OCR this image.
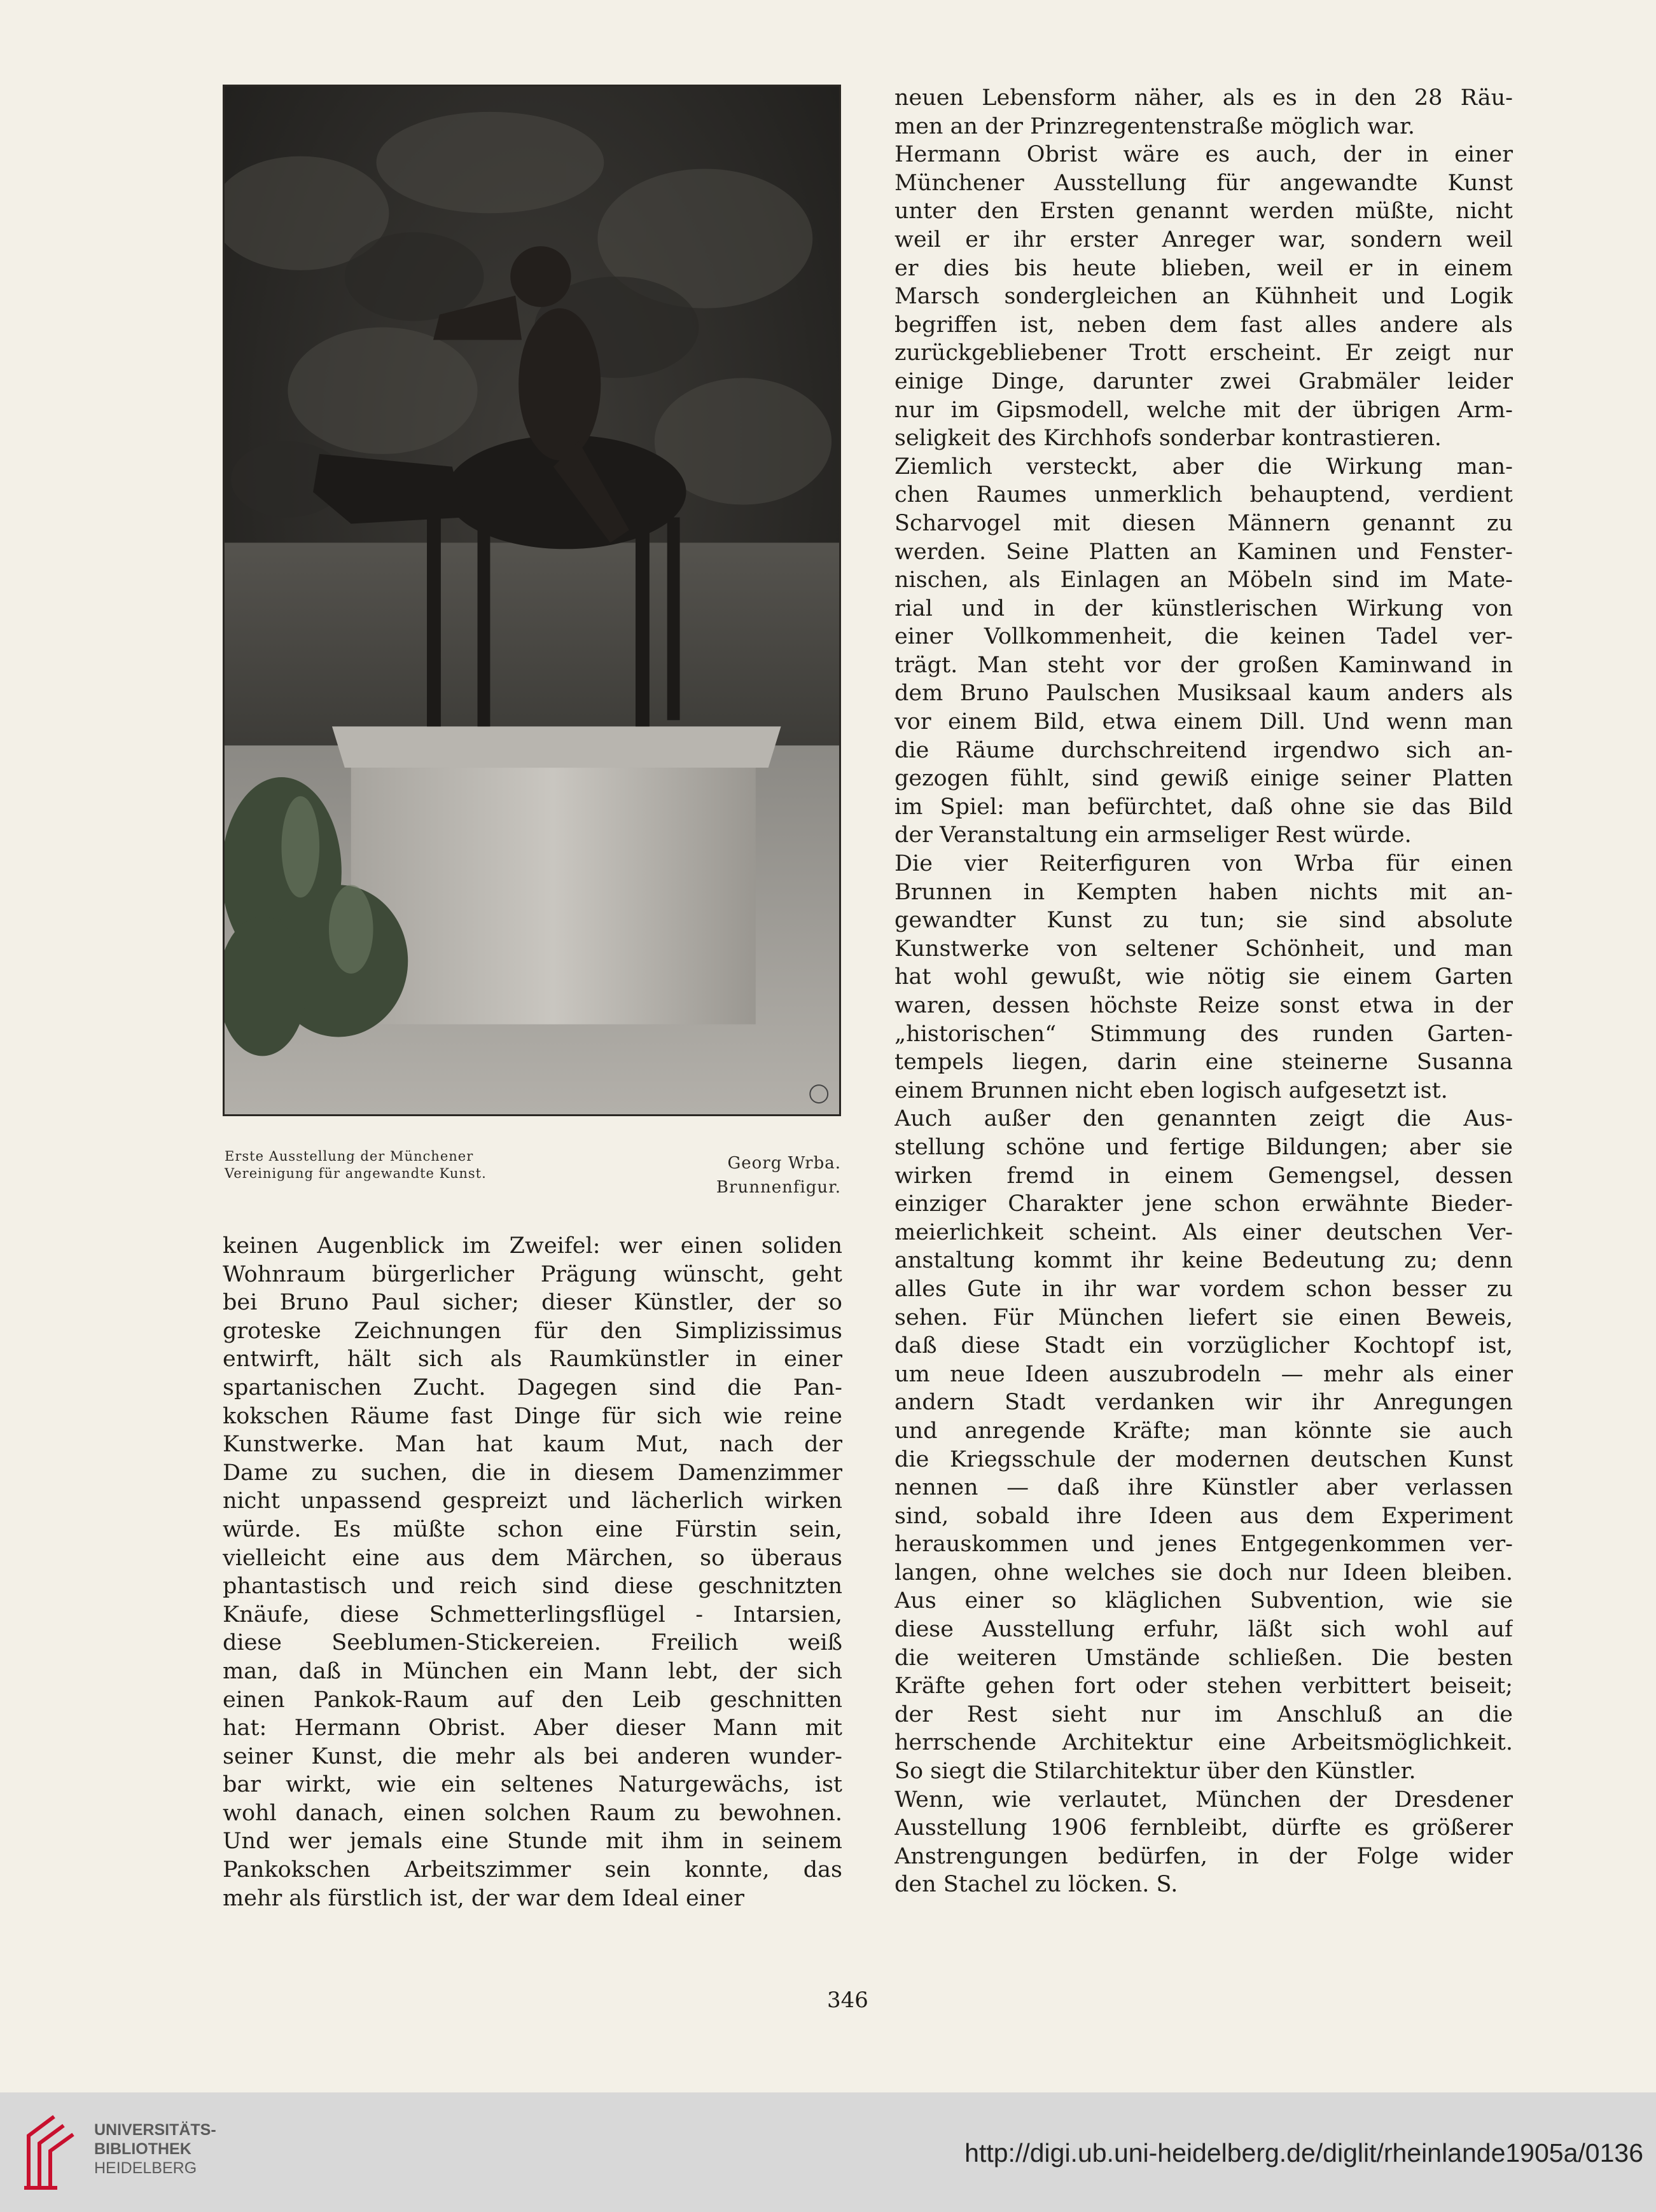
Erste Ausstellung der Münchener
Vereinigung für angewandte Kunst.
Georg Wrba.
Brunnenfigur.
keinen Augenblick im Zweifel: wer einen soliden
Wohnraum bürgerlicher Prägung wünscht, geht
bei Bruno Paul sicher; dieser Künstler, der so
groteske Zeichnungen für den Simplizissimus
entwirft, hält sich als Raumkünstler in einer
spartanischen Zucht. Dagegen sind die Pan-
kokschen Räume fast Dinge für sich wie reine
Kunstwerke. Man hat kaum Mut, nach der
Dame zu suchen, die in diesem Damenzimmer
nicht unpassend gespreizt und lächerlich wirken
würde. Es müßte schon eine Fürstin sein,
vielleicht eine aus dem Märchen, so überaus
phantastisch und reich sind diese geschnitzten
Knäufe, diese Schmetterlingsflügel - Intarsien,
diese Seeblumen-Stickereien. Freilich weiß
man, daß in München ein Mann lebt, der sich
einen Pankok-Raum auf den Leib geschnitten
hat: Hermann Obrist. Aber dieser Mann mit
seiner Kunst, die mehr als bei anderen wunder-
bar wirkt, wie ein seltenes Naturgewächs, ist
wohl danach, einen solchen Raum zu bewohnen.
Und wer jemals eine Stunde mit ihm in seinem
Pankokschen Arbeitszimmer sein konnte, das
mehr als fürstlich ist, der war dem Ideal einer
neuen Lebensform näher, als es in den 28 Räu-
men an der Prinzregentenstraße möglich war.
Hermann Obrist wäre es auch, der in einer
Münchener Ausstellung für angewandte Kunst
unter den Ersten genannt werden müßte, nicht
weil er ihr erster Anreger war, sondern weil
er dies bis heute blieben, weil er in einem
Marsch sondergleichen an Kühnheit und Logik
begriffen ist, neben dem fast alles andere als
zurückgebliebener Trott erscheint. Er zeigt nur
einige Dinge, darunter zwei Grabmäler leider
nur im Gipsmodell, welche mit der übrigen Arm-
seligkeit des Kirchhofs sonderbar kontrastieren.
Ziemlich versteckt, aber die Wirkung man-
chen Raumes unmerklich behauptend, verdient
Scharvogel mit diesen Männern genannt zu
werden. Seine Platten an Kaminen und Fenster-
nischen, als Einlagen an Möbeln sind im Mate-
rial und in der künstlerischen Wirkung von
einer Vollkommenheit, die keinen Tadel ver-
trägt. Man steht vor der großen Kaminwand in
dem Bruno Paulschen Musiksaal kaum anders als
vor einem Bild, etwa einem Dill. Und wenn man
die Räume durchschreitend irgendwo sich an-
gezogen fühlt, sind gewiß einige seiner Platten
im Spiel: man befürchtet, daß ohne sie das Bild
der Veranstaltung ein armseliger Rest würde.
Die vier Reiterfiguren von Wrba für einen
Brunnen in Kempten haben nichts mit an-
gewandter Kunst zu tun; sie sind absolute
Kunstwerke von seltener Schönheit, und man
hat wohl gewußt, wie nötig sie einem Garten
waren, dessen höchste Reize sonst etwa in der
„historischen“ Stimmung des runden Garten-
tempels liegen, darin eine steinerne Susanna
einem Brunnen nicht eben logisch aufgesetzt ist.
Auch außer den genannten zeigt die Aus-
stellung schöne und fertige Bildungen; aber sie
wirken fremd in einem Gemengsel, dessen
einziger Charakter jene schon erwähnte Bieder-
meierlichkeit scheint. Als einer deutschen Ver-
anstaltung kommt ihr keine Bedeutung zu; denn
alles Gute in ihr war vordem schon besser zu
sehen. Für München liefert sie einen Beweis,
daß diese Stadt ein vorzüglicher Kochtopf ist,
um neue Ideen auszubrodeln — mehr als einer
andern Stadt verdanken wir ihr Anregungen
und anregende Kräfte; man könnte sie auch
die Kriegsschule der modernen deutschen Kunst
nennen — daß ihre Künstler aber verlassen
sind, sobald ihre Ideen aus dem Experiment
herauskommen und jenes Entgegenkommen ver-
langen, ohne welches sie doch nur Ideen bleiben.
Aus einer so kläglichen Subvention, wie sie
diese Ausstellung erfuhr, läßt sich wohl auf
die weiteren Umstände schließen. Die besten
Kräfte gehen fort oder stehen verbittert beiseit;
der Rest sieht nur im Anschluß an die
herrschende Architektur eine Arbeitsmöglichkeit.
So siegt die Stilarchitektur über den Künstler.
Wenn, wie verlautet, München der Dresdener
Ausstellung 1906 fernbleibt, dürfte es größerer
Anstrengungen bedürfen, in der Folge wider
den Stachel zu löcken. S.
346
UNIVERSITÄTS-
BIBLIOTHEK
HEIDELBERG
http://digi.ub.uni-heidelberg.de/diglit/rheinlande1905a/0136
